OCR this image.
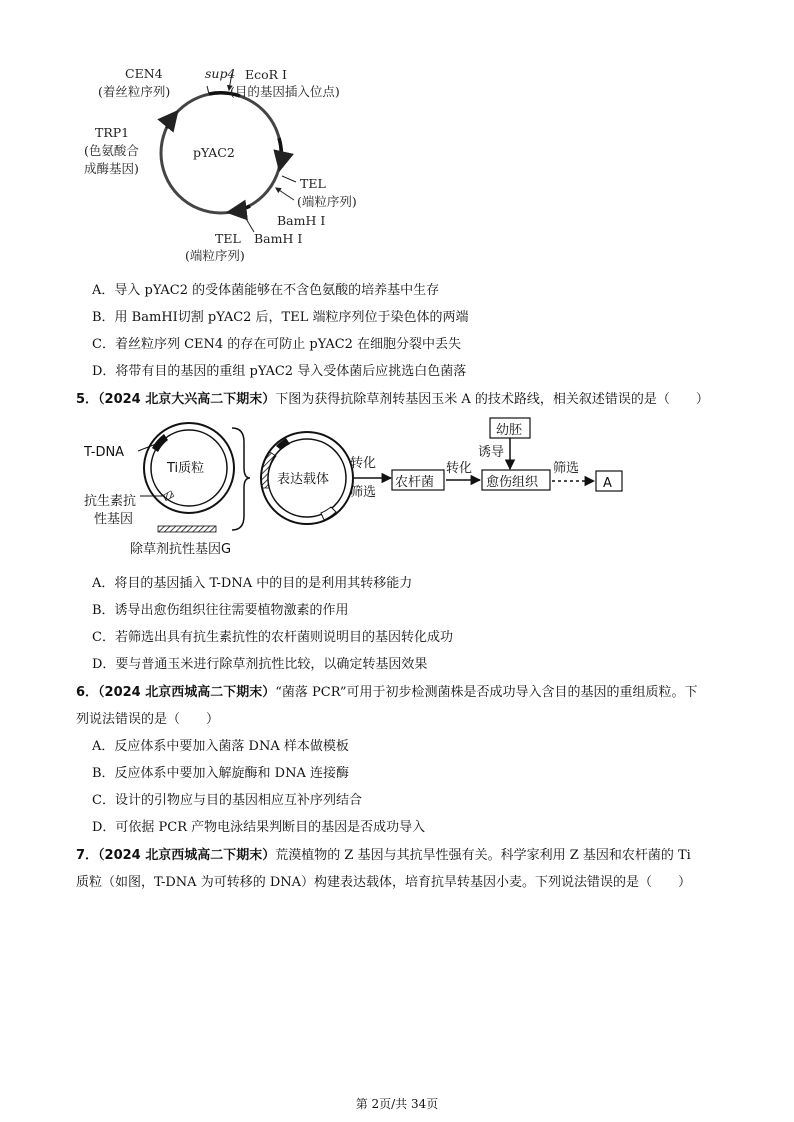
CEN4
(着丝粒序列)
sup4 EcoR Ⅰ
(目的基因插入位点)
TRP1
(色氨酸合
成酶基因)
pYAC2
TEL
(端粒序列)
BamH Ⅰ
TEL
(端粒序列)
BamH Ⅰ
A．导入 pYAC2 的受体菌能够在不含色氨酸的培养基中生存
B．用 BamHⅠ切割 pYAC2 后，TEL 端粒序列位于染色体的两端
C．着丝粒序列 CEN4 的存在可防止 pYAC2 在细胞分裂中丢失
D．将带有目的基因的重组 pYAC2 导入受体菌后应挑选白色菌落
5．（2024 北京大兴高二下期末）下图为获得抗除草剂转基因玉米 A 的技术路线，相关叙述错误的是（　　）
Ti质粒
T-DNA
抗生素抗
性基因
除草剂抗性基因G
表达载体
转化
筛选
农杆菌
转化
幼胚
诱导
愈伤组织
筛选
A
A．将目的基因插入 T-DNA 中的目的是利用其转移能力
B．诱导出愈伤组织往往需要植物激素的作用
C．若筛选出具有抗生素抗性的农杆菌则说明目的基因转化成功
D．要与普通玉米进行除草剂抗性比较，以确定转基因效果
6．（2024 北京西城高二下期末）“菌落 PCR”可用于初步检测菌株是否成功导入含目的基因的重组质粒。下
列说法错误的是（　　）
A．反应体系中要加入菌落 DNA 样本做模板
B．反应体系中要加入解旋酶和 DNA 连接酶
C．设计的引物应与目的基因相应互补序列结合
D．可依据 PCR 产物电泳结果判断目的基因是否成功导入
7．（2024 北京西城高二下期末）荒漠植物的 Z 基因与其抗旱性强有关。科学家利用 Z 基因和农杆菌的 Ti
质粒（如图，T-DNA 为可转移的 DNA）构建表达载体，培育抗旱转基因小麦。下列说法错误的是（　　）
第 2页/共 34页
